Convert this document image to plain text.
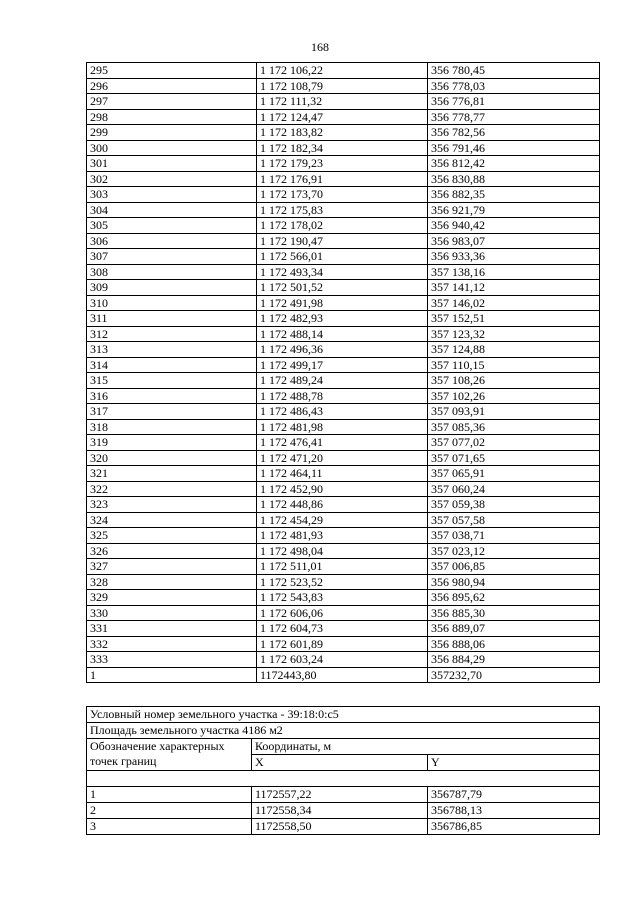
168
295	1 172 106,22	356 780,45
296	1 172 108,79	356 778,03
297	1 172 111,32	356 776,81
298	1 172 124,47	356 778,77
299	1 172 183,82	356 782,56
300	1 172 182,34	356 791,46
301	1 172 179,23	356 812,42
302	1 172 176,91	356 830,88
303	1 172 173,70	356 882,35
304	1 172 175,83	356 921,79
305	1 172 178,02	356 940,42
306	1 172 190,47	356 983,07
307	1 172 566,01	356 933,36
308	1 172 493,34	357 138,16
309	1 172 501,52	357 141,12
310	1 172 491,98	357 146,02
311	1 172 482,93	357 152,51
312	1 172 488,14	357 123,32
313	1 172 496,36	357 124,88
314	1 172 499,17	357 110,15
315	1 172 489,24	357 108,26
316	1 172 488,78	357 102,26
317	1 172 486,43	357 093,91
318	1 172 481,98	357 085,36
319	1 172 476,41	357 077,02
320	1 172 471,20	357 071,65
321	1 172 464,11	357 065,91
322	1 172 452,90	357 060,24
323	1 172 448,86	357 059,38
324	1 172 454,29	357 057,58
325	1 172 481,93	357 038,71
326	1 172 498,04	357 023,12
327	1 172 511,01	357 006,85
328	1 172 523,52	356 980,94
329	1 172 543,83	356 895,62
330	1 172 606,06	356 885,30
331	1 172 604,73	356 889,07
332	1 172 601,89	356 888,06
333	1 172 603,24	356 884,29
1	1172443,80	357232,70
Условный номер земельного участка - 39:18:0:с5		
Площадь земельного участка 4186 м2		

Обозначение характерных
точек границ	Координаты, м	
	X	Y

1	1172557,22	356787,79
2	1172558,34	356788,13
3	1172558,50	356786,85
